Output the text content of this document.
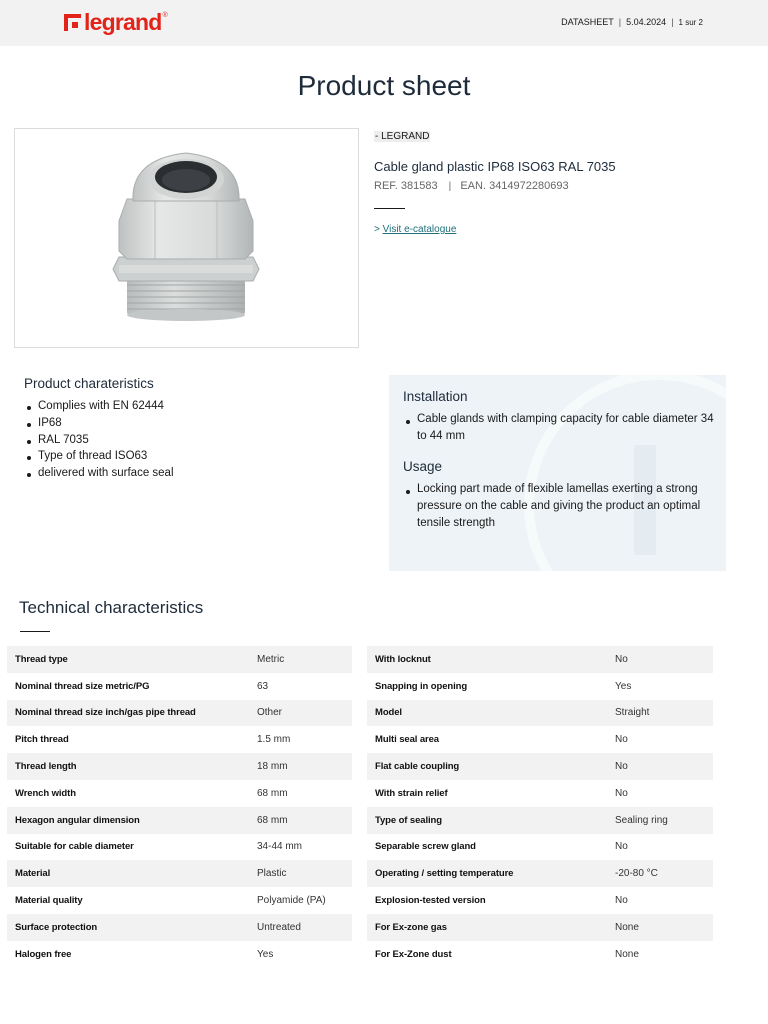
legrand ®
DATASHEET | 5.04.2024 | 1 sur 2
Product sheet
- LEGRAND
Cable gland plastic IP68 ISO63 RAL 7035
REF. 381583 | EAN. 3414972280693
> Visit e-catalogue
Product charateristics
Complies with EN 62444
IP68
RAL 7035
Type of thread ISO63
delivered with surface seal
Installation
Cable glands with clamping capacity for cable diameter 34 to 44 mm
Usage
Locking part made of flexible lamellas exerting a strong pressure on the cable and giving the product an optimal tensile strength
Technical characteristics
Thread type	Metric
Nominal thread size metric/PG	63
Nominal thread size inch/gas pipe thread	Other
Pitch thread	1.5 mm
Thread length	18 mm
Wrench width	68 mm
Hexagon angular dimension	68 mm
Suitable for cable diameter	34-44 mm
Material	Plastic
Material quality	Polyamide (PA)
Surface protection	Untreated
Halogen free	Yes
With locknut	No
Snapping in opening	Yes
Model	Straight
Multi seal area	No
Flat cable coupling	No
With strain relief	No
Type of sealing	Sealing ring
Separable screw gland	No
Operating / setting temperature	-20-80 °C
Explosion-tested version	No
For Ex-zone gas	None
For Ex-Zone dust	None
